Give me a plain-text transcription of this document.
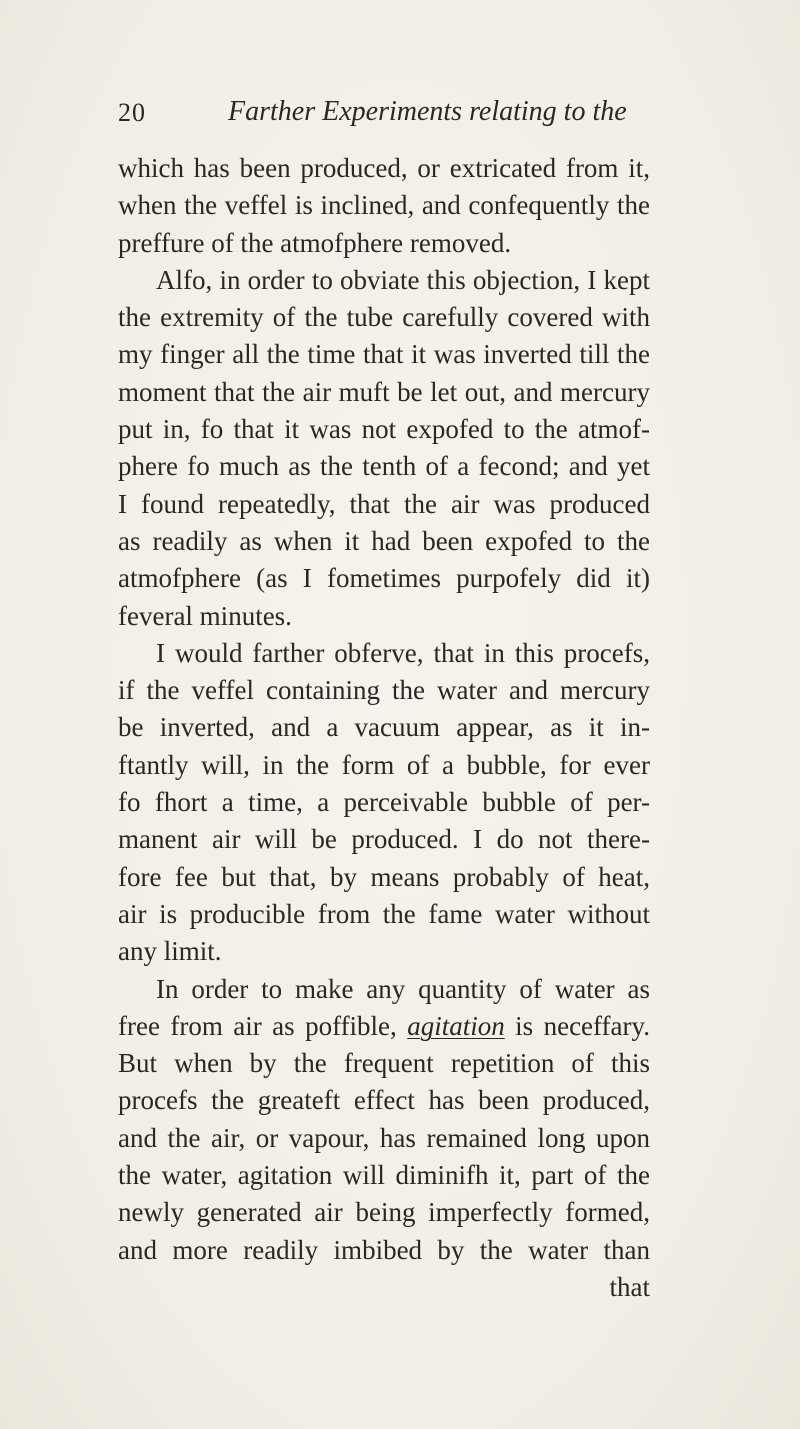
20	Farther Experiments relating to the
which has been produced, or extricated from it,
when the veffel is inclined, and confequently the
preffure of the atmofphere removed.
Alfo, in order to obviate this objection, I kept
the extremity of the tube carefully covered with
my finger all the time that it was inverted till the
moment that the air muft be let out, and mercury
put in, fo that it was not expofed to the atmof-
phere fo much as the tenth of a fecond; and yet
I found repeatedly, that the air was produced
as readily as when it had been expofed to the
atmofphere (as I fometimes purpofely did it)
feveral minutes.
I would farther obferve, that in this procefs,
if the veffel containing the water and mercury
be inverted, and a vacuum appear, as it in-
ftantly will, in the form of a bubble, for ever
fo fhort a time, a perceivable bubble of per-
manent air will be produced. I do not there-
fore fee but that, by means probably of heat,
air is producible from the fame water without
any limit.
In order to make any quantity of water as
free from air as poffible, agitation is neceffary.
But when by the frequent repetition of this
procefs the greateft effect has been produced,
and the air, or vapour, has remained long upon
the water, agitation will diminifh it, part of the
newly generated air being imperfectly formed,
and more readily imbibed by the water than
that
